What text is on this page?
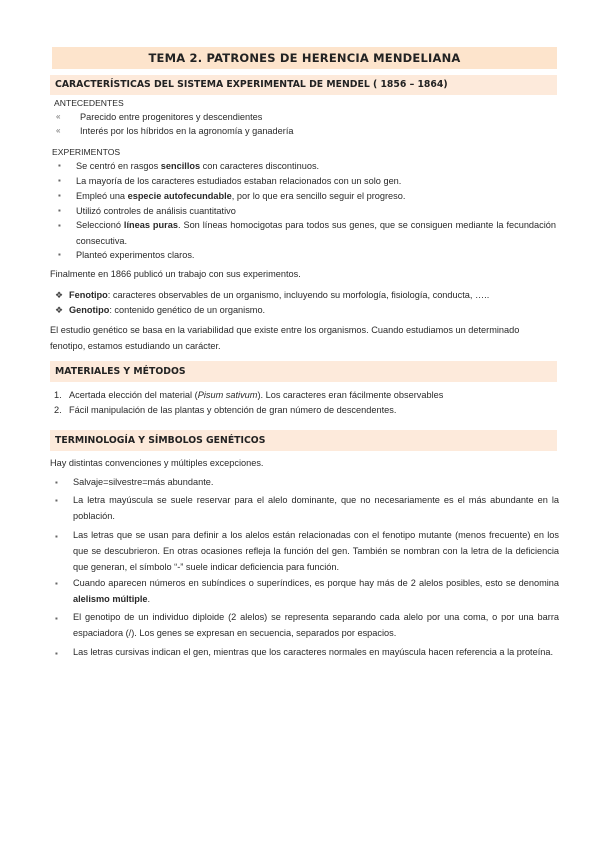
TEMA 2. PATRONES DE HERENCIA MENDELIANA
CARACTERÍSTICAS DEL SISTEMA EXPERIMENTAL DE MENDEL ( 1856 – 1864)
ANTECEDENTES
« Parecido entre progenitores y descendientes
« Interés por los híbridos en la agronomía y ganadería
EXPERIMENTOS
▪ Se centró en rasgos sencillos con caracteres discontinuos.
▪ La mayoría de los caracteres estudiados estaban relacionados con un solo gen.
▪ Empleó una especie autofecundable, por lo que era sencillo seguir el progreso.
▪ Utilizó controles de análisis cuantitativo
▪ Seleccionó líneas puras. Son líneas homocigotas para todos sus genes, que se consiguen mediante la fecundación consecutiva.
▪ Planteó experimentos claros.
Finalmente en 1866 publicó un trabajo con sus experimentos.
❖ Fenotipo: caracteres observables de un organismo, incluyendo su morfología, fisiología, conducta, …..
❖ Genotipo: contenido genético de un organismo.
El estudio genético se basa en la variabilidad que existe entre los organismos. Cuando estudiamos un determinado fenotipo, estamos estudiando un carácter.
MATERIALES Y MÉTODOS
1. Acertada elección del material (Pisum sativum). Los caracteres eran fácilmente observables
2. Fácil manipulación de las plantas y obtención de gran número de descendentes.
TERMINOLOGÍA Y SÍMBOLOS GENÉTICOS
Hay distintas convenciones y múltiples excepciones.
▪ Salvaje=silvestre=más abundante.
▪ La letra mayúscula se suele reservar para el alelo dominante, que no necesariamente es el más abundante en la población.
▪ Las letras que se usan para definir a los alelos están relacionadas con el fenotipo mutante (menos frecuente) en los que se descubrieron. En otras ocasiones refleja la función del gen. También se nombran con la letra de la deficiencia que generan, el símbolo “-” suele indicar deficiencia para función.
▪ Cuando aparecen números en subíndices o superíndices, es porque hay más de 2 alelos posibles, esto se denomina alelismo múltiple.
▪ El genotipo de un individuo diploide (2 alelos) se representa separando cada alelo por una coma, o por una barra espaciadora (/). Los genes se expresan en secuencia, separados por espacios.
▪ Las letras cursivas indican el gen, mientras que los caracteres normales en mayúscula hacen referencia a la proteína.
